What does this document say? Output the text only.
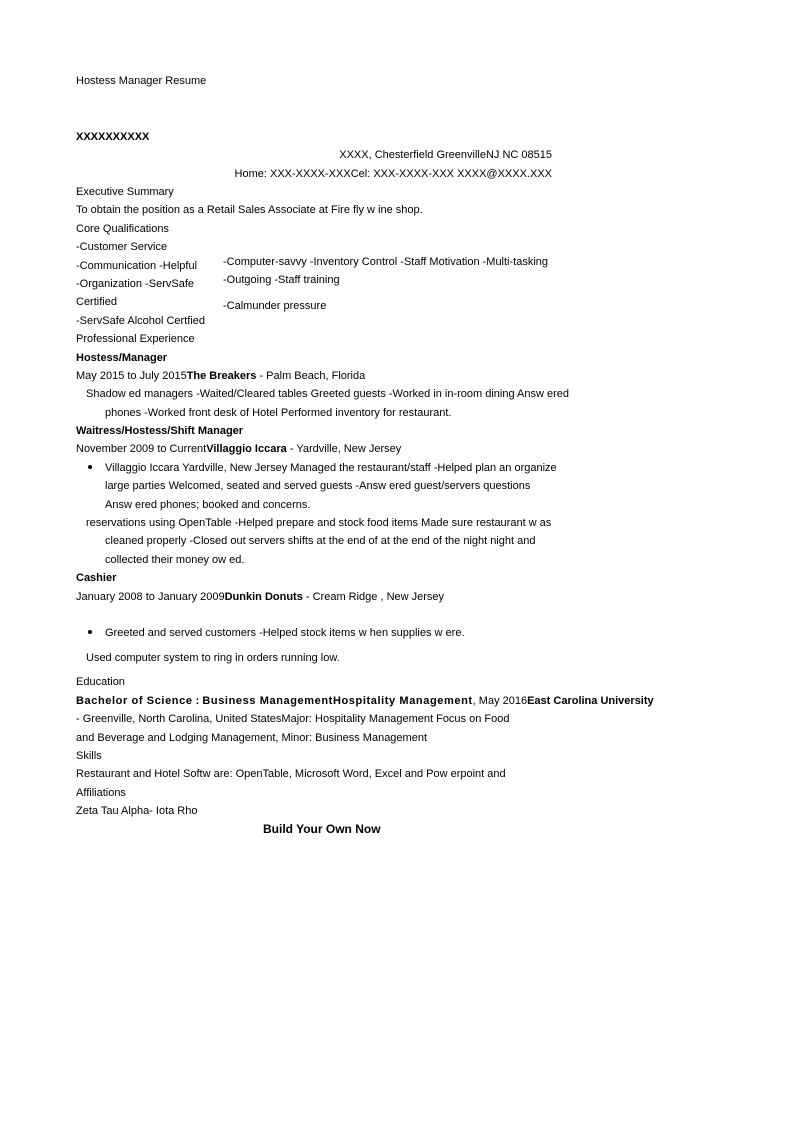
Hostess Manager Resume
XXXXXXXXXX
XXXX, Chesterfield GreenvilleNJ NC 08515
Home: XXX-XXXX-XXXCel: XXX-XXXX-XXX XXXX@XXXX.XXX
Executive Summary
To obtain the position as a Retail Sales Associate at Fire fly w ine shop.
Core Qualifications
-Customer Service
-Communication -Helpful
-Organization -ServSafe
Certified
-ServSafe Alcohol Certfied
-Computer-savvy -Inventory Control -Staff Motivation -Multi-tasking
-Outgoing -Staff training
-Calmunder pressure
Professional Experience
Hostess/Manager
May 2015 to July 2015The Breakers - Palm Beach, Florida
Shadow ed managers -Waited/Cleared tables Greeted guests -Worked in in-room dining Answ ered
phones -Worked front desk of Hotel Performed inventory for restaurant.
Waitress/Hostess/Shift Manager
November 2009 to CurrentVillaggio Iccara - Yardville, New Jersey
Villaggio Iccara Yardville, New Jersey Managed the restaurant/staff -Helped plan an organize
large parties Welcomed, seated and served guests -Answ ered guest/servers questions
Answ ered phones; booked and concerns.
reservations using OpenTable -Helped prepare and stock food items Made sure restaurant w as
cleaned properly -Closed out servers shifts at the end of at the end of the night night and
collected their money ow ed.
Cashier
January 2008 to January 2009Dunkin Donuts - Cream Ridge , New Jersey
Greeted and served customers -Helped stock items w hen supplies w ere.
Used computer system to ring in orders running low.
Education
Bachelor of Science : Business ManagementHospitality Management, May 2016East Carolina University
- Greenville, North Carolina, United StatesMajor: Hospitality Management Focus on Food
and Beverage and Lodging Management, Minor: Business Management
Skills
Restaurant and Hotel Softw are: OpenTable, Microsoft Word, Excel and Pow erpoint and
Affiliations
Zeta Tau Alpha- Iota Rho
Build Your Own Now
